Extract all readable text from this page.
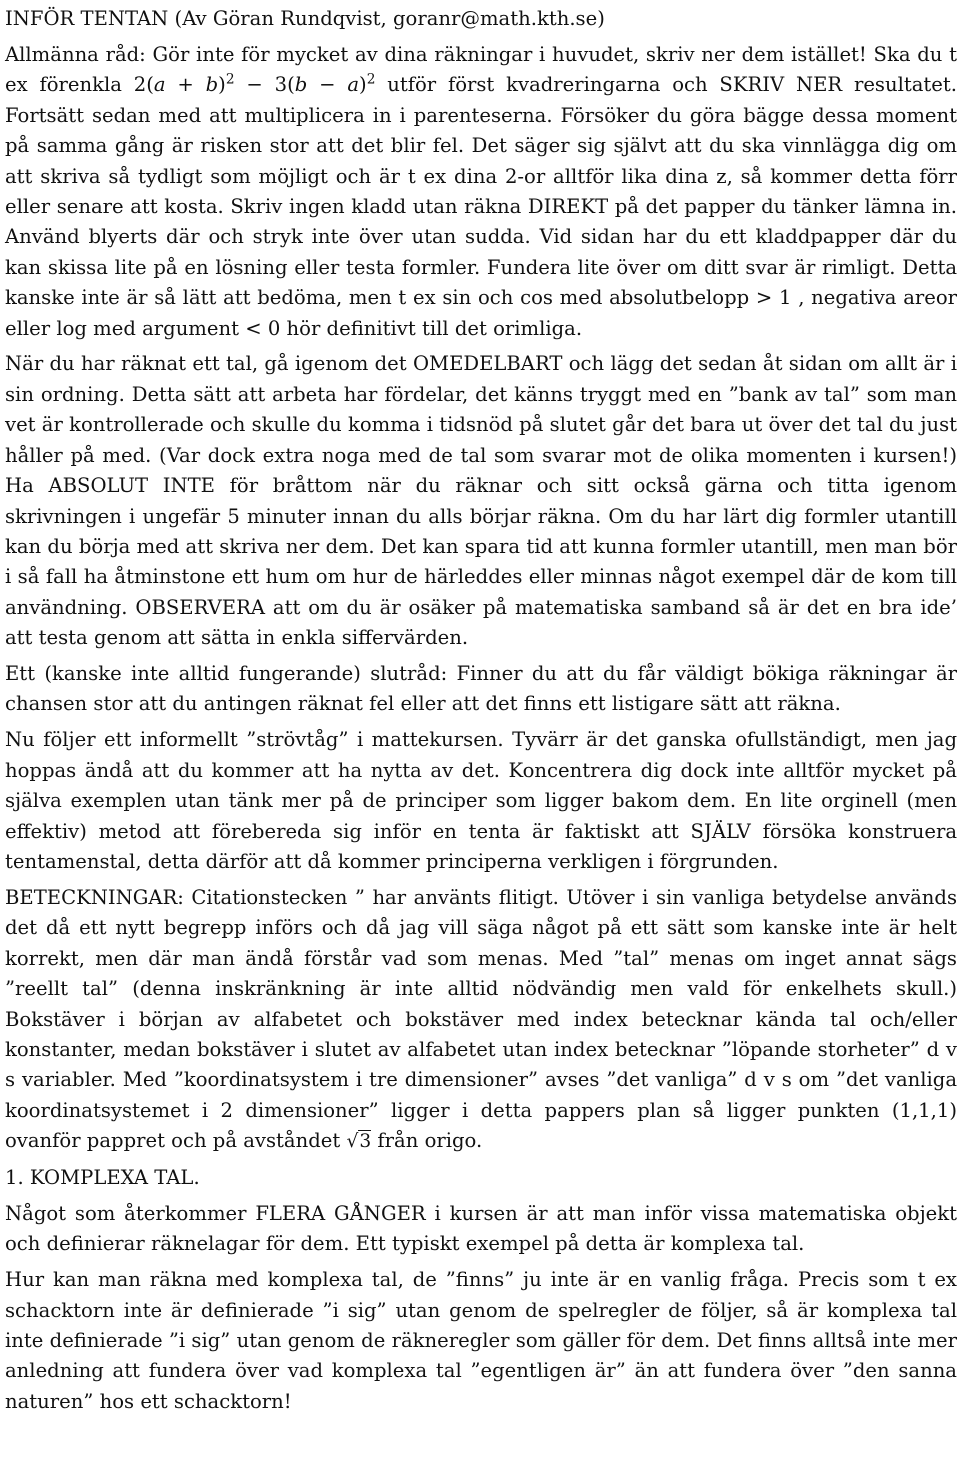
INFÖR TENTAN (Av Göran Rundqvist, goranr@math.kth.se)

Allmänna råd: Gör inte för mycket av dina räkningar i huvudet, skriv ner dem istället! Ska du t ex förenkla $2(a + b)^2 - 3(b - a)^2$ utför först kvadreringarna och SKRIV NER resultatet. Fortsätt sedan med att multiplicera in i parenteserna. Försöker du göra bägge dessa moment på samma gång är risken stor att det blir fel. Det säger sig självt att du ska vinnlägga dig om att skriva så tydligt som möjligt och är t ex dina 2-or alltför lika dina z, så kommer detta förr eller senare att kosta. Skriv ingen kladd utan räkna DIREKT på det papper du tänker lämna in. Använd blyerts där och stryk inte över utan sudda. Vid sidan har du ett kladdpapper där du kan skissa lite på en lösning eller testa formler. Fundera lite över om ditt svar är rimligt. Detta kanske inte är så lätt att bedöma, men t ex sin och cos med absolutbelopp > 1 , negativa areor eller log med argument < 0 hör definitivt till det orimliga.

När du har räknat ett tal, gå igenom det OMEDELBART och lägg det sedan åt sidan om allt är i sin ordning. Detta sätt att arbeta har fördelar, det känns tryggt med en ”bank av tal” som man vet är kontrollerade och skulle du komma i tidsnöd på slutet går det bara ut över det tal du just håller på med. (Var dock extra noga med de tal som svarar mot de olika momenten i kursen!) Ha ABSOLUT INTE för bråttom när du räknar och sitt också gärna och titta igenom skrivningen i ungefär 5 minuter innan du alls börjar räkna. Om du har lärt dig formler utantill kan du börja med att skriva ner dem. Det kan spara tid att kunna formler utantill, men man bör i så fall ha åtminstone ett hum om hur de härleddes eller minnas något exempel där de kom till användning. OBSERVERA att om du är osäker på matematiska samband så är det en bra ide’ att testa genom att sätta in enkla siffervärden.

Ett (kanske inte alltid fungerande) slutråd: Finner du att du får väldigt bökiga räkningar är chansen stor att du antingen räknat fel eller att det finns ett listigare sätt att räkna.

Nu följer ett informellt ”strövtåg” i mattekursen. Tyvärr är det ganska ofullständigt, men jag hoppas ändå att du kommer att ha nytta av det. Koncentrera dig dock inte alltför mycket på själva exemplen utan tänk mer på de principer som ligger bakom dem. En lite orginell (men effektiv) metod att förebereda sig inför en tenta är faktiskt att SJÄLV försöka konstruera tentamenstal, detta därför att då kommer principerna verkligen i förgrunden.

BETECKNINGAR: Citationstecken ” har använts flitigt. Utöver i sin vanliga betydelse används det då ett nytt begrepp införs och då jag vill säga något på ett sätt som kanske inte är helt korrekt, men där man ändå förstår vad som menas. Med ”tal” menas om inget annat sägs ”reellt tal” (denna inskränkning är inte alltid nödvändig men vald för enkelhets skull.) Bokstäver i början av alfabetet och bokstäver med index betecknar kända tal och/eller konstanter, medan bokstäver i slutet av alfabetet utan index betecknar ”löpande storheter” d v s variabler. Med ”koordinatsystem i tre dimensioner” avses ”det vanliga” d v s om ”det vanliga koordinatsystemet i 2 dimensioner” ligger i detta pappers plan så ligger punkten (1,1,1) ovanför pappret och på avståndet √3 från origo.

1. KOMPLEXA TAL.

Något som återkommer FLERA GÅNGER i kursen är att man inför vissa matematiska objekt och definierar räknelagar för dem. Ett typiskt exempel på detta är komplexa tal.

Hur kan man räkna med komplexa tal, de ”finns” ju inte är en vanlig fråga. Precis som t ex schacktorn inte är definierade ”i sig” utan genom de spelregler de följer, så är komplexa tal inte definierade ”i sig” utan genom de räkneregler som gäller för dem. Det finns alltså inte mer anledning att fundera över vad komplexa tal ”egentligen är” än att fundera över ”den sanna naturen” hos ett schacktorn!
